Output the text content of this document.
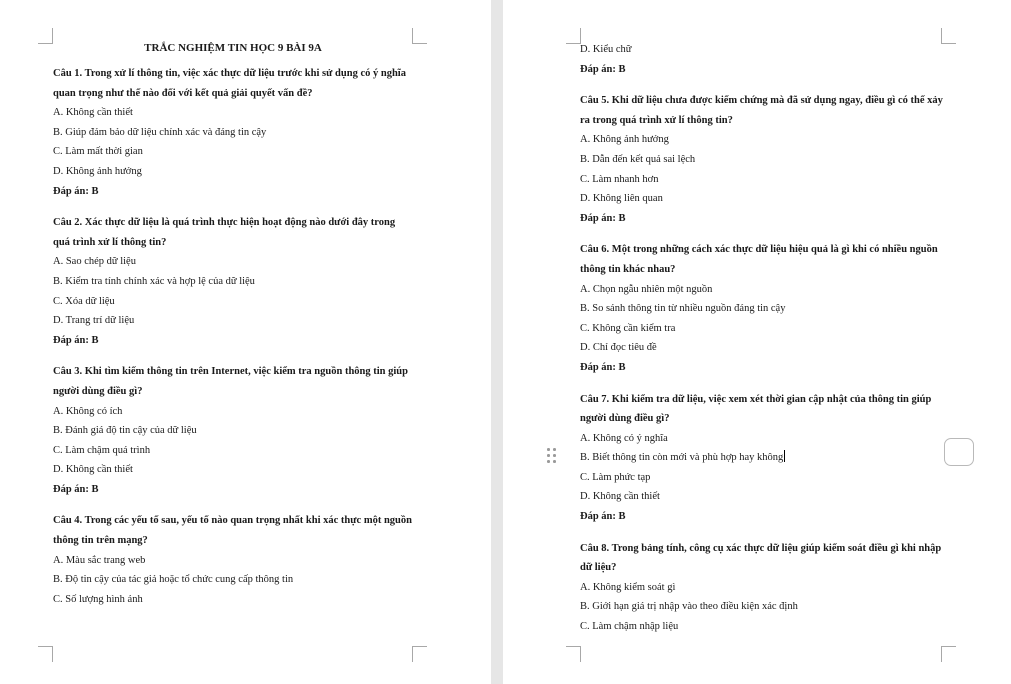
TRẮC NGHIỆM TIN HỌC 9 BÀI 9A
Câu 1. Trong xử lí thông tin, việc xác thực dữ liệu trước khi sử dụng có ý nghĩa quan trọng như thế nào đối với kết quả giải quyết vấn đề?
A. Không cần thiết
B. Giúp đảm bảo dữ liệu chính xác và đáng tin cậy
C. Làm mất thời gian
D. Không ảnh hưởng
Đáp án: B
Câu 2. Xác thực dữ liệu là quá trình thực hiện hoạt động nào dưới đây trong quá trình xử lí thông tin?
A. Sao chép dữ liệu
B. Kiểm tra tính chính xác và hợp lệ của dữ liệu
C. Xóa dữ liệu
D. Trang trí dữ liệu
Đáp án: B
Câu 3. Khi tìm kiếm thông tin trên Internet, việc kiểm tra nguồn thông tin giúp người dùng điều gì?
A. Không có ích
B. Đánh giá độ tin cậy của dữ liệu
C. Làm chậm quá trình
D. Không cần thiết
Đáp án: B
Câu 4. Trong các yếu tố sau, yếu tố nào quan trọng nhất khi xác thực một nguồn thông tin trên mạng?
A. Màu sắc trang web
B. Độ tin cậy của tác giả hoặc tổ chức cung cấp thông tin
C. Số lượng hình ảnh
D. Kiểu chữ
Đáp án: B
Câu 5. Khi dữ liệu chưa được kiểm chứng mà đã sử dụng ngay, điều gì có thể xảy ra trong quá trình xử lí thông tin?
A. Không ảnh hưởng
B. Dẫn đến kết quả sai lệch
C. Làm nhanh hơn
D. Không liên quan
Đáp án: B
Câu 6. Một trong những cách xác thực dữ liệu hiệu quả là gì khi có nhiều nguồn thông tin khác nhau?
A. Chọn ngẫu nhiên một nguồn
B. So sánh thông tin từ nhiều nguồn đáng tin cậy
C. Không cần kiểm tra
D. Chỉ đọc tiêu đề
Đáp án: B
Câu 7. Khi kiểm tra dữ liệu, việc xem xét thời gian cập nhật của thông tin giúp người dùng điều gì?
A. Không có ý nghĩa
B. Biết thông tin còn mới và phù hợp hay không
C. Làm phức tạp
D. Không cần thiết
Đáp án: B
Câu 8. Trong bảng tính, công cụ xác thực dữ liệu giúp kiểm soát điều gì khi nhập dữ liệu?
A. Không kiểm soát gì
B. Giới hạn giá trị nhập vào theo điều kiện xác định
C. Làm chậm nhập liệu
